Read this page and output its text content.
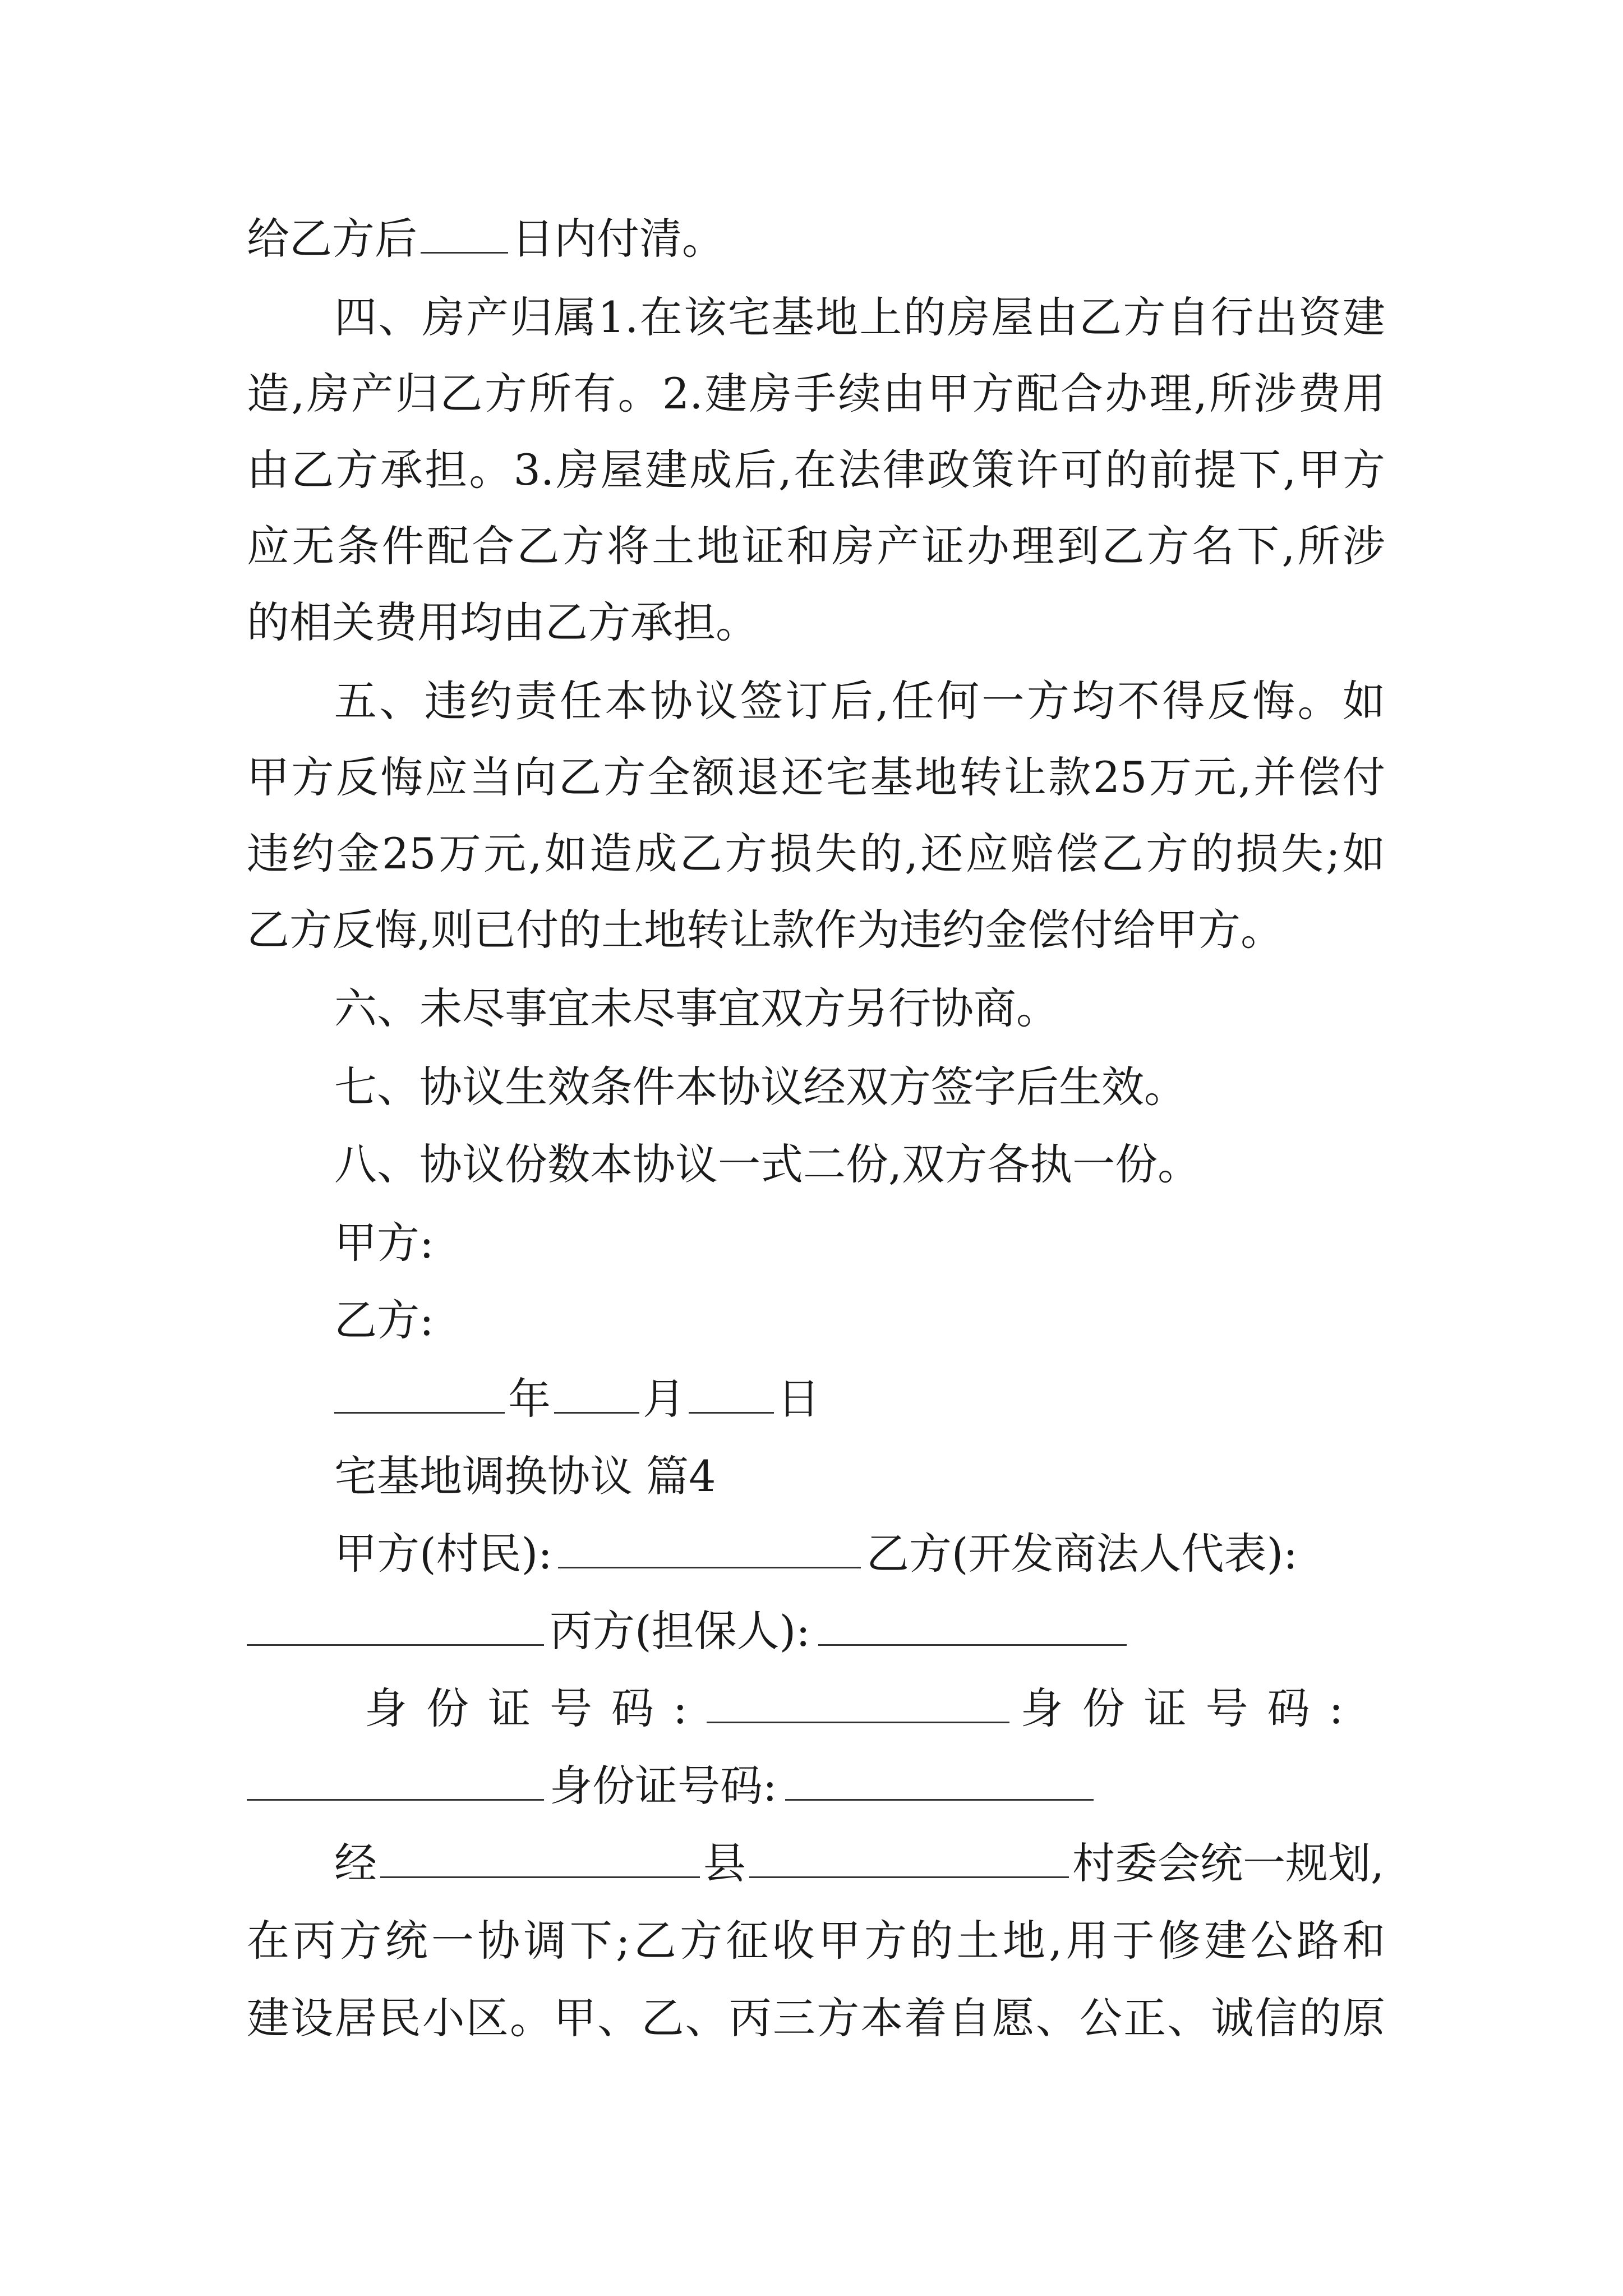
给乙方后 日内付清。
四、房产归属1.在该宅基地上的房屋由乙方自行出资建
造,房产归乙方所有。2.建房手续由甲方配合办理,所涉费用
由乙方承担。3.房屋建成后,在法律政策许可的前提下,甲方
应无条件配合乙方将土地证和房产证办理到乙方名下,所涉
的相关费用均由乙方承担。
五、违约责任本协议签订后,任何一方均不得反悔。如
甲方反悔应当向乙方全额退还宅基地转让款25万元,并偿付
违约金25万元,如造成乙方损失的,还应赔偿乙方的损失;如
乙方反悔,则已付的土地转让款作为违约金偿付给甲方。
六、未尽事宜未尽事宜双方另行协商。
七、协议生效条件本协议经双方签字后生效。
八、协议份数本协议一式二份,双方各执一份。
甲方:
乙方:
年 月 日
宅基地调换协议 篇4
甲方(村民):	乙方(开发商法人代表):
丙方(担保人):
身份证号码:	身份证号码:
身份证号码:
经	县	村委会统一规划,
在丙方统一协调下;乙方征收甲方的土地,用于修建公路和
建设居民小区。甲、乙、丙三方本着自愿、公正、诚信的原
